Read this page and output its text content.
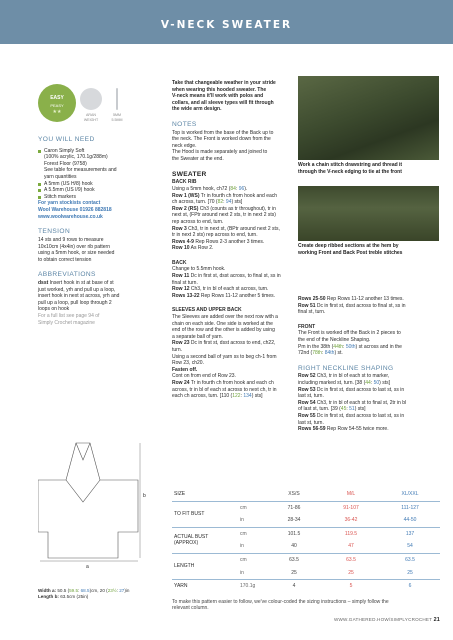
V-NECK SWEATER
EASY
PEASY
★★
ARAN
WEIGHT
5MM
5.5MM
YOU WILL NEED
Caron Simply Soft
(100% acrylic, 170.1g/288m)
Forest Floor (9758)
See table for measurements and
yarn quantities
A 5mm (US H/8) hook
A 5.5mm (US I/9) hook
Stitch markers
For yarn stockists contact
Wool Warehouse 01926 882818
www.woolwarehouse.co.uk
TENSION
14 sts and 9 rows to measure
10x10cm (4x4in) over rib pattern
using a 5mm hook, or size needed
to obtain correct tension
ABBREVIATIONS
dsst Insert hook in st at base of st
just worked, yrh and pull up a loop,
insert hook in next st across, yrh and
pull up a loop, pull loop through 2
loops on hook
For a full list see page 94 of
Simply Crochet magazine
Take that changeable weather in your stride
when wearing this hooded sweater. The
V-neck means it'll work with polos and
collars, and all sleeve types will fit through
the wide arm design.
NOTES
Top is worked from the base of the Back up to
the neck. The Front is worked down from the
neck edge.
The Hood is made separately and joined to
the Sweater at the end.
SWEATER
BACK RIB
Using a 5mm hook, ch72 (84: 96).
Row 1 (WS) Tr in fourth ch from hook and each
ch across, turn. [70 (82: 94) sts]
Row 2 (RS) Ch3 (counts as tr throughout), tr in
next st, (FPtr around next 2 sts, tr in next 2 sts)
rep across to end, turn.
Row 3 Ch3, tr in next st, (BPtr around next 2 sts,
tr in next 2 sts) rep across to end, turn.
Rows 4-9 Rep Rows 2-3 another 3 times.
Row 10 As Row 2.
BACK
Change to 5.5mm hook.
Row 11 Dc in first st, dsst across, to final st, ss in
final st turn.
Row 12 Ch3, tr in bl of each st across, turn.
Rows 13-22 Rep Rows 11-12 another 5 times.
SLEEVES AND UPPER BACK
The Sleeves are added over the next row with a
chain on each side. One side is worked at the
end of the row and the other is added by using
a separate ball of yarn.
Row 23 Dc in first st, dsst across to end, ch22,
turn.
Using a second ball of yarn ss to beg ch-1 from
Row 23, ch20.
Fasten off.
Cont on from end of Row 23.
Row 24 Tr in fourth ch from hook and each ch
across, tr in bl of each st across to next ch, tr in
each ch across, turn. [110 (122: 134) sts]
Work a chain stitch drawstring and thread it
through the V-neck edging to tie at the front
Create deep ribbed sections at the hem by
working Front and Back Post treble stitches
Rows 25-50 Rep Rows 11-12 another 13 times.
Row 51 Dc in first st, dsst across to final st, ss in
final st, turn.
FRONT
The Front is worked off the Back in 2 pieces to
the end of the Neckline Shaping.
Pm in the 38th (44th: 50th) st across and in the
72nd (78th: 84th) st.
RIGHT NECKLINE SHAPING
Row 52 Ch3, tr in bl of each st to marker,
including marked st, turn. [38 (44: 50) sts]
Row 53 Dc in first st, dsst across to last st, ss in
last st, turn.
Row 54 Ch3, tr in bl of each st to final st, 2tr in bl
of last st, turn. [39 (45: 51) sts]
Row 55 Dc in first st, dsst across to last st, ss in
last st, turn.
Rows 56-59 Rep Row 54-55 twice more.
a
b
Width a: 50.5 (59.5: 68.5)cm, 20 (23½: 27)in
Length b: 63.5cm (25in)
SIZE		XS/S	M/L	XL/XXL
TO FIT BUST	cm	71-86	91-107	111-127
	in	28-34	36-42	44-50
ACTUAL BUST
(APPROX)	cm	101.5	119.5	137
	in	40	47	54
LENGTH	cm	63.5	63.5	63.5
	in	25	25	25
YARN	170.1g	4	5	6
To make this pattern easier to follow, we've colour-coded the sizing instructions – simply follow the
relevant column.
WWW.GATHERED.HOW/SIMPLYCROCHET 21
